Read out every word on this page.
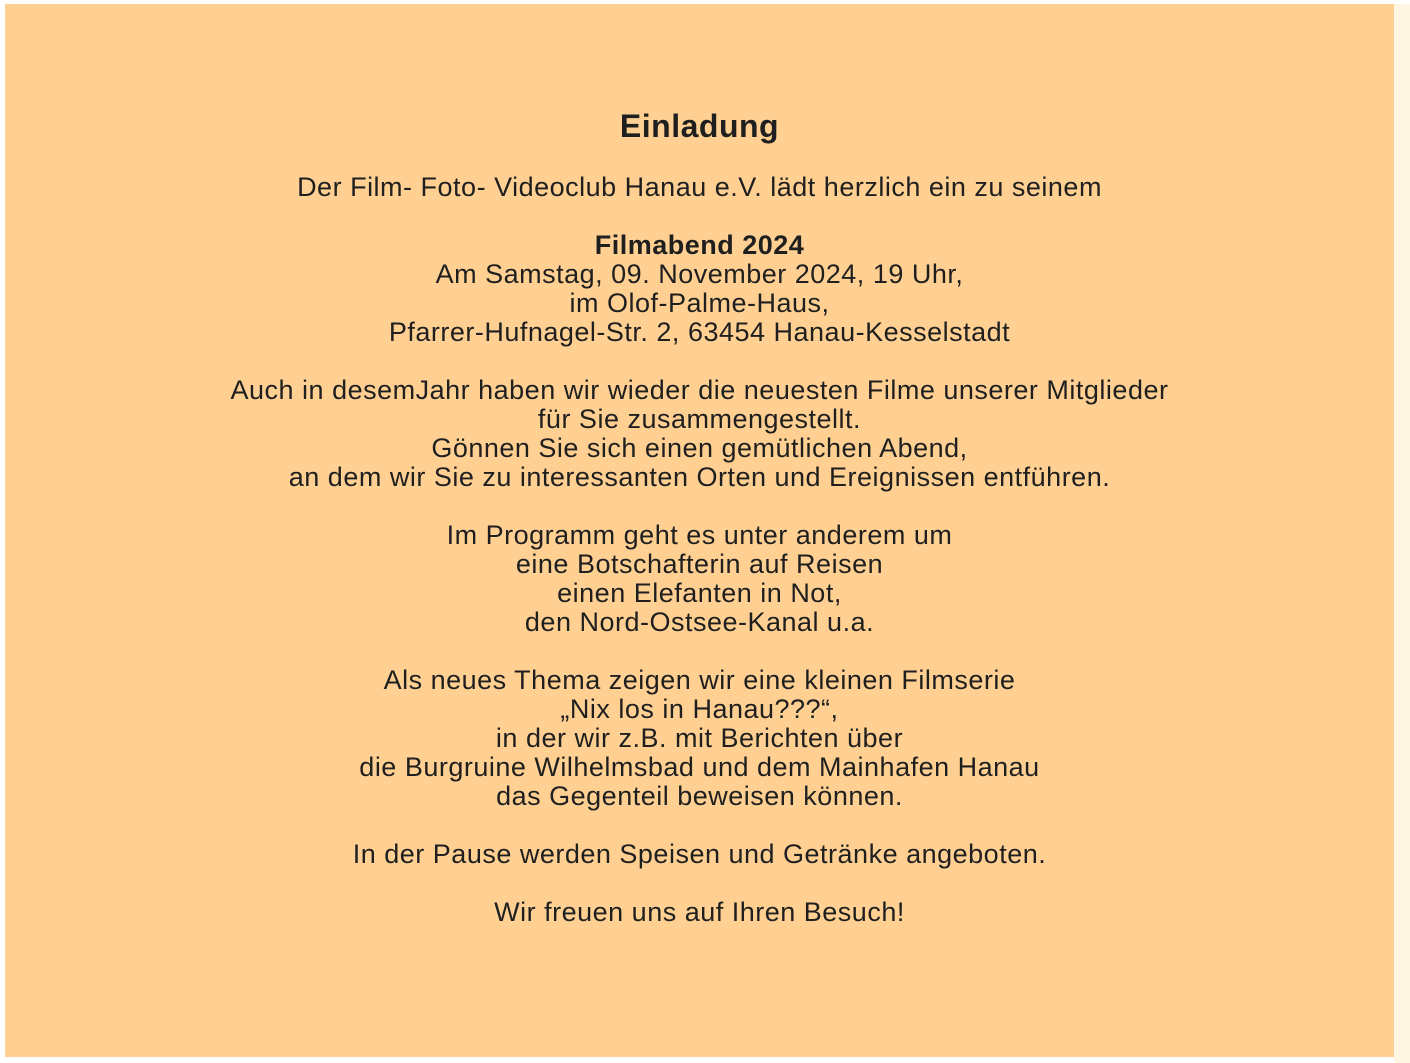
Einladung

Der Film- Foto- Videoclub Hanau e.V. lädt herzlich ein zu seinem

Filmabend 2024

Am Samstag, 09. November 2024, 19 Uhr,

im Olof-Palme-Haus,

Pfarrer-Hufnagel-Str. 2, 63454 Hanau-Kesselstadt

Auch in desemJahr haben wir wieder die neuesten Filme unserer Mitglieder

für Sie zusammengestellt.

Gönnen Sie sich einen gemütlichen Abend,

an dem wir Sie zu interessanten Orten und Ereignissen entführen.

Im Programm geht es unter anderem um

eine Botschafterin auf Reisen

einen Elefanten in Not,

den Nord-Ostsee-Kanal u.a.

Als neues Thema zeigen wir eine kleinen Filmserie

„Nix los in Hanau???“,

in der wir z.B. mit Berichten über

die Burgruine Wilhelmsbad und dem Mainhafen Hanau

das Gegenteil beweisen können.

In der Pause werden Speisen und Getränke angeboten.

Wir freuen uns auf Ihren Besuch!
